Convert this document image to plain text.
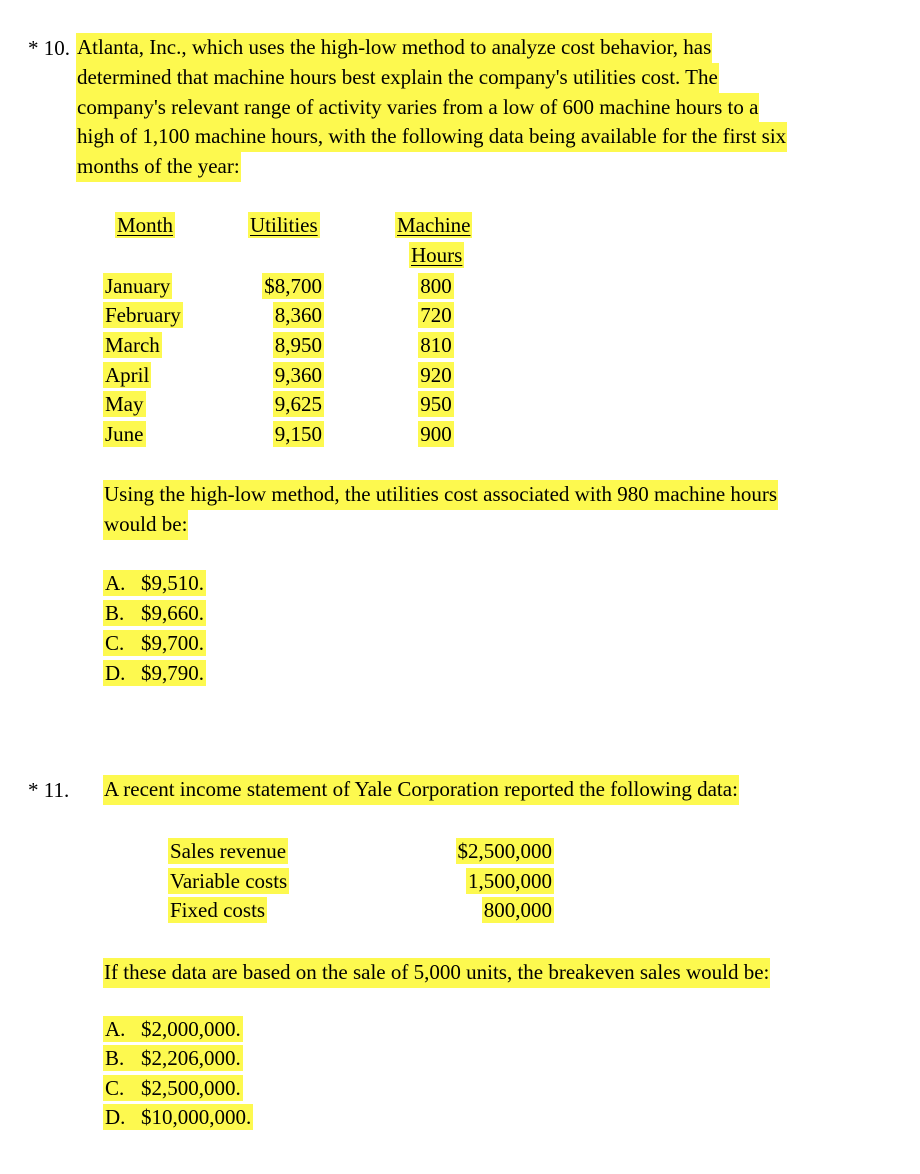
* 10. Atlanta, Inc., which uses the high-low method to analyze cost behavior, has
determined that machine hours best explain the company's utilities cost. The
company's relevant range of activity varies from a low of 600 machine hours to a
high of 1,100 machine hours, with the following data being available for the first six
months of the year:
Month	Utilities	Machine
Hours
January	$8,700	800
February	8,360	720
March	8,950	810
April	9,360	920
May	9,625	950
June	9,150	900
Using the high-low method, the utilities cost associated with 980 machine hours
would be:
A. $9,510.
B. $9,660.
C. $9,700.
D. $9,790.
* 11. A recent income statement of Yale Corporation reported the following data:
Sales revenue	$2,500,000
Variable costs	1,500,000
Fixed costs	800,000
If these data are based on the sale of 5,000 units, the breakeven sales would be:
A. $2,000,000.
B. $2,206,000.
C. $2,500,000.
D. $10,000,000.
